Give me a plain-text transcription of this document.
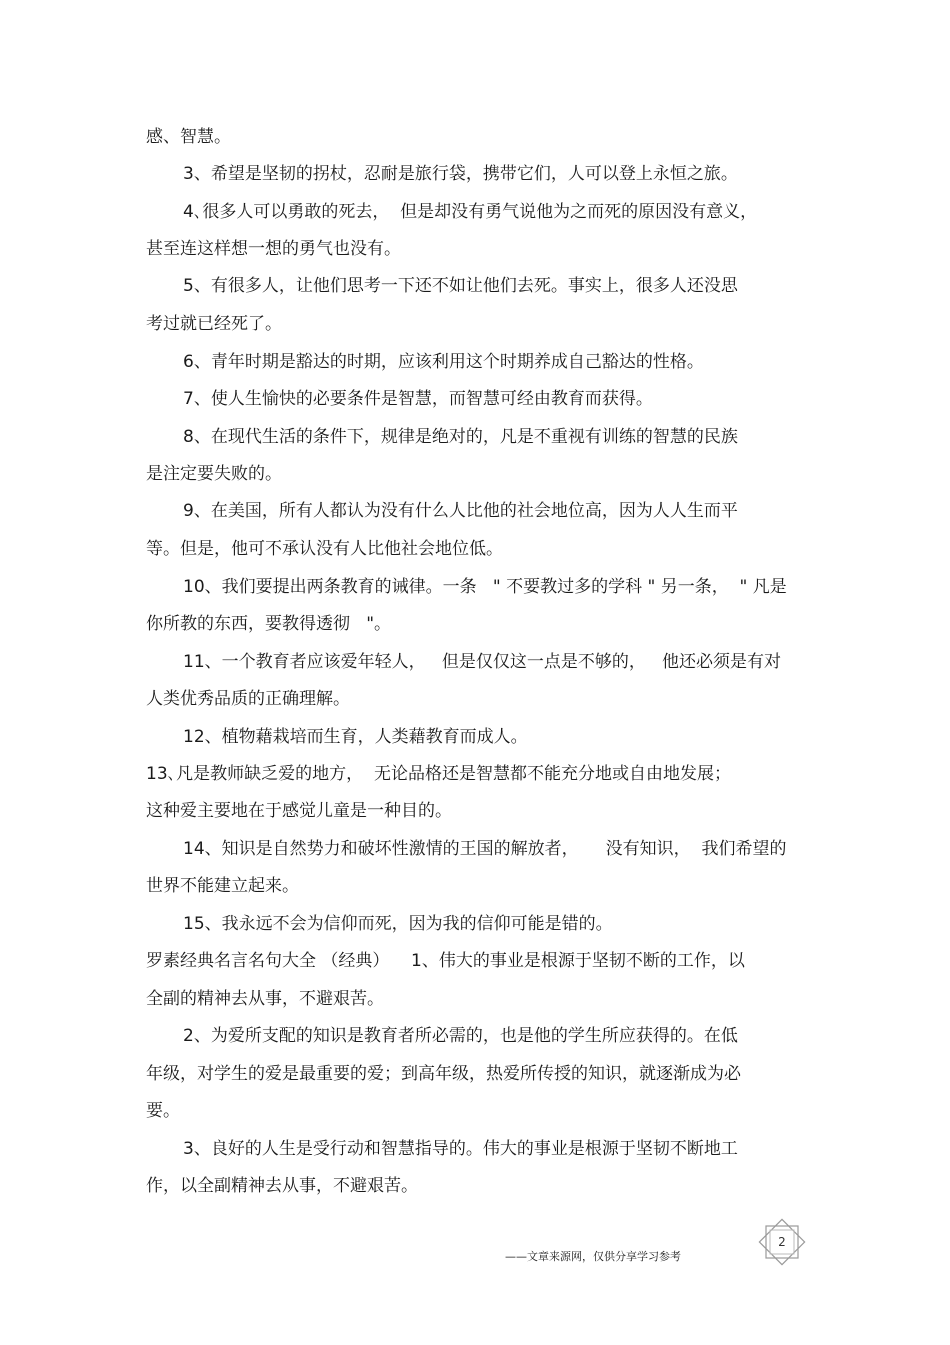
感、智慧。
3、希望是坚韧的拐杖，忍耐是旅行袋，携带它们，人可以登上永恒之旅。
4､很多人可以勇敢的死去，  但是却没有勇气说他为之而死的原因没有意义，
甚至连这样想一想的勇气也没有。
5、有很多人，让他们思考一下还不如让他们去死。事实上，很多人还没思
考过就已经死了。
6、青年时期是豁达的时期，应该利用这个时期养成自己豁达的性格。
7、使人生愉快的必要条件是智慧，而智慧可经由教育而获得。
8、在现代生活的条件下，规律是绝对的，凡是不重视有训练的智慧的民族
是注定要失败的。
9、在美国，所有人都认为没有什么人比他的社会地位高，因为人人生而平
等。但是，他可不承认没有人比他社会地位低。
10、我们要提出两条教育的诫律。一条   " 不要教过多的学科 " 另一条，  " 凡是
你所教的东西，要教得透彻   "。
11、一个教育者应该爱年轻人，   但是仅仅这一点是不够的，   他还必须是有对
人类优秀品质的正确理解。
12、植物藉栽培而生育，人类藉教育而成人。
13､凡是教师缺乏爱的地方，  无论品格还是智慧都不能充分地或自由地发展；
这种爱主要地在于感觉儿童是一种目的。
14、知识是自然势力和破坏性激情的王国的解放者，     没有知识，  我们希望的
世界不能建立起来。
15、我永远不会为信仰而死，因为我的信仰可能是错的。
罗素经典名言名句大全 （经典）    1、伟大的事业是根源于坚韧不断的工作，以
全副的精神去从事，不避艰苦。
2、为爱所支配的知识是教育者所必需的，也是他的学生所应获得的。在低
年级，对学生的爱是最重要的爱；到高年级，热爱所传授的知识，就逐渐成为必
要。
3、良好的人生是受行动和智慧指导的。伟大的事业是根源于坚韧不断地工
作，以全副精神去从事，不避艰苦。
——文章来源网，仅供分享学习参考
2
